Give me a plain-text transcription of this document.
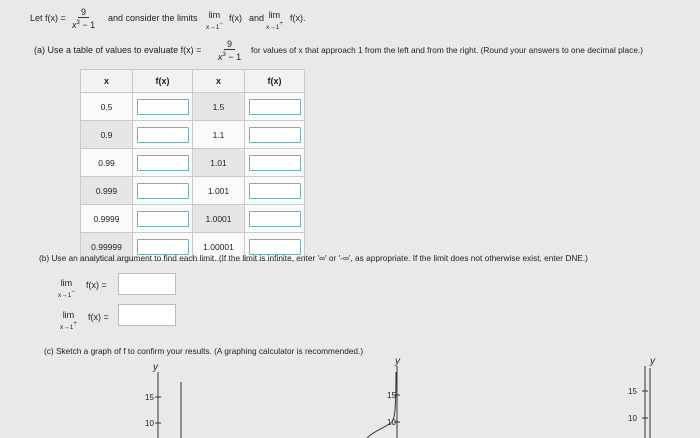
Let $f(x) = \frac{9}{x^3 - 1}$ and consider the limits lim
x→1−
f(x) and lim
x→1+
f(x).
(a) Use a table of values to evaluate $f(x) = \frac{9}{x^3 - 1}$ for values of x that approach 1 from the left and from the right. (Round your answers to one decimal place.)
x	f(x)	x	f(x)
0.5		1.5	
0.9		1.1	
0.99		1.01	
0.999		1.001	
0.9999		1.0001	
0.99999		1.00001	
(b) Use an analytical argument to find each limit. (If the limit is infinite, enter '∞' or '-∞', as appropriate. If the limit does not otherwise exist, enter DNE.)
lim
x→1−
f(x) =
lim
x→1+
f(x) =
(c) Sketch a graph of f to confirm your results. (A graphing calculator is recommended.)
y
15
10
y
15
10
y
15
10
